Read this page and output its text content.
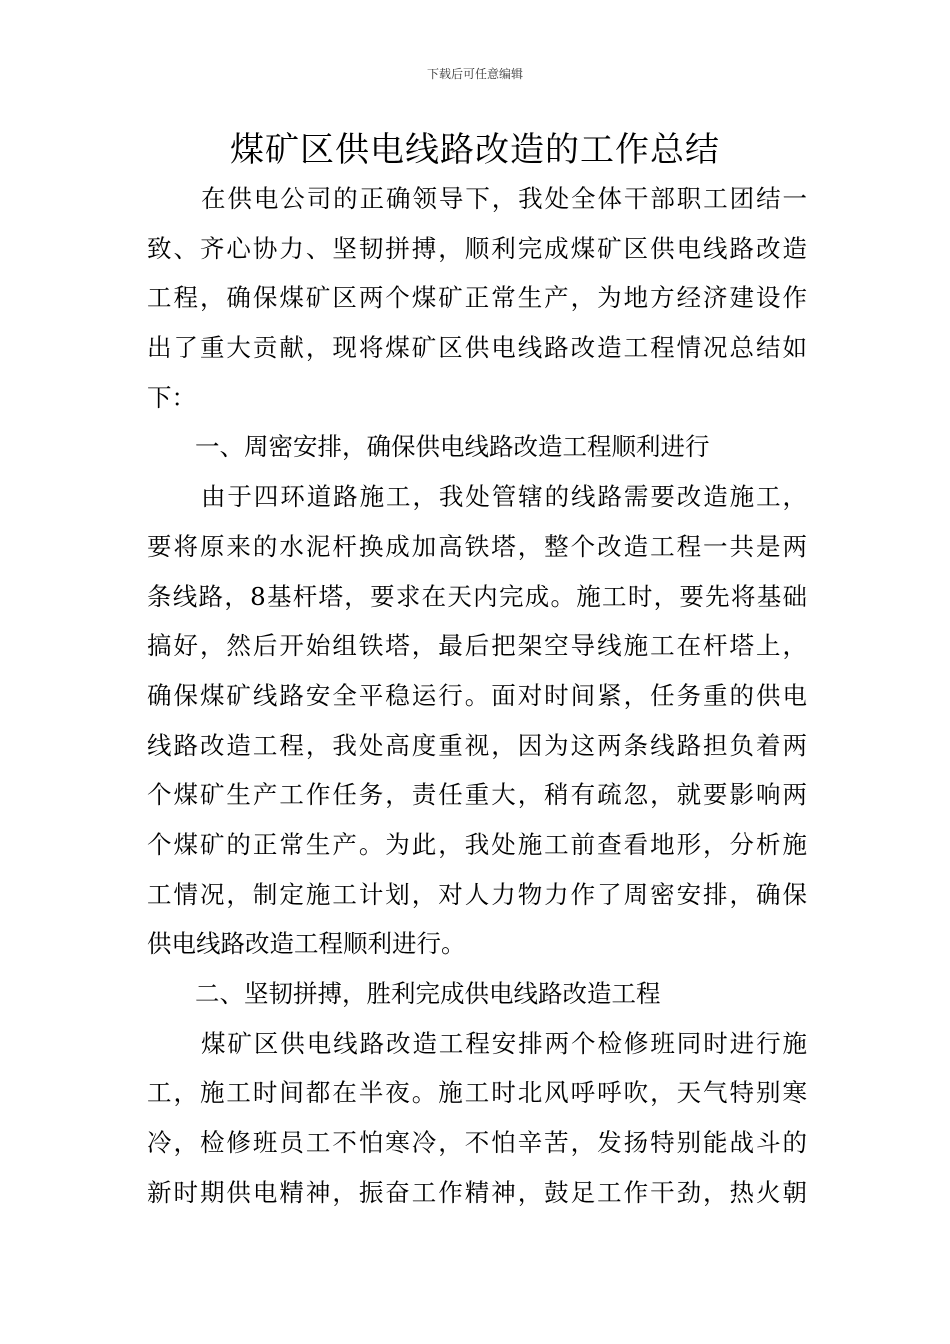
下载后可任意编辑
煤矿区供电线路改造的工作总结
在供电公司的正确领导下，我处全体干部职工团结一
致、齐心协力、坚韧拼搏，顺利完成煤矿区供电线路改造
工程，确保煤矿区两个煤矿正常生产，为地方经济建设作
出了重大贡献，现将煤矿区供电线路改造工程情况总结如
下：
一、周密安排，确保供电线路改造工程顺利进行
由于四环道路施工，我处管辖的线路需要改造施工，
要将原来的水泥杆换成加高铁塔，整个改造工程一共是两
条线路，8基杆塔，要求在天内完成。施工时，要先将基础
搞好，然后开始组铁塔，最后把架空导线施工在杆塔上，
确保煤矿线路安全平稳运行。面对时间紧，任务重的供电
线路改造工程，我处高度重视，因为这两条线路担负着两
个煤矿生产工作任务，责任重大，稍有疏忽，就要影响两
个煤矿的正常生产。为此，我处施工前查看地形，分析施
工情况，制定施工计划，对人力物力作了周密安排，确保
供电线路改造工程顺利进行。
二、坚韧拼搏，胜利完成供电线路改造工程
煤矿区供电线路改造工程安排两个检修班同时进行施
工，施工时间都在半夜。施工时北风呼呼吹，天气特别寒
冷，检修班员工不怕寒冷，不怕辛苦，发扬特别能战斗的
新时期供电精神，振奋工作精神，鼓足工作干劲，热火朝
